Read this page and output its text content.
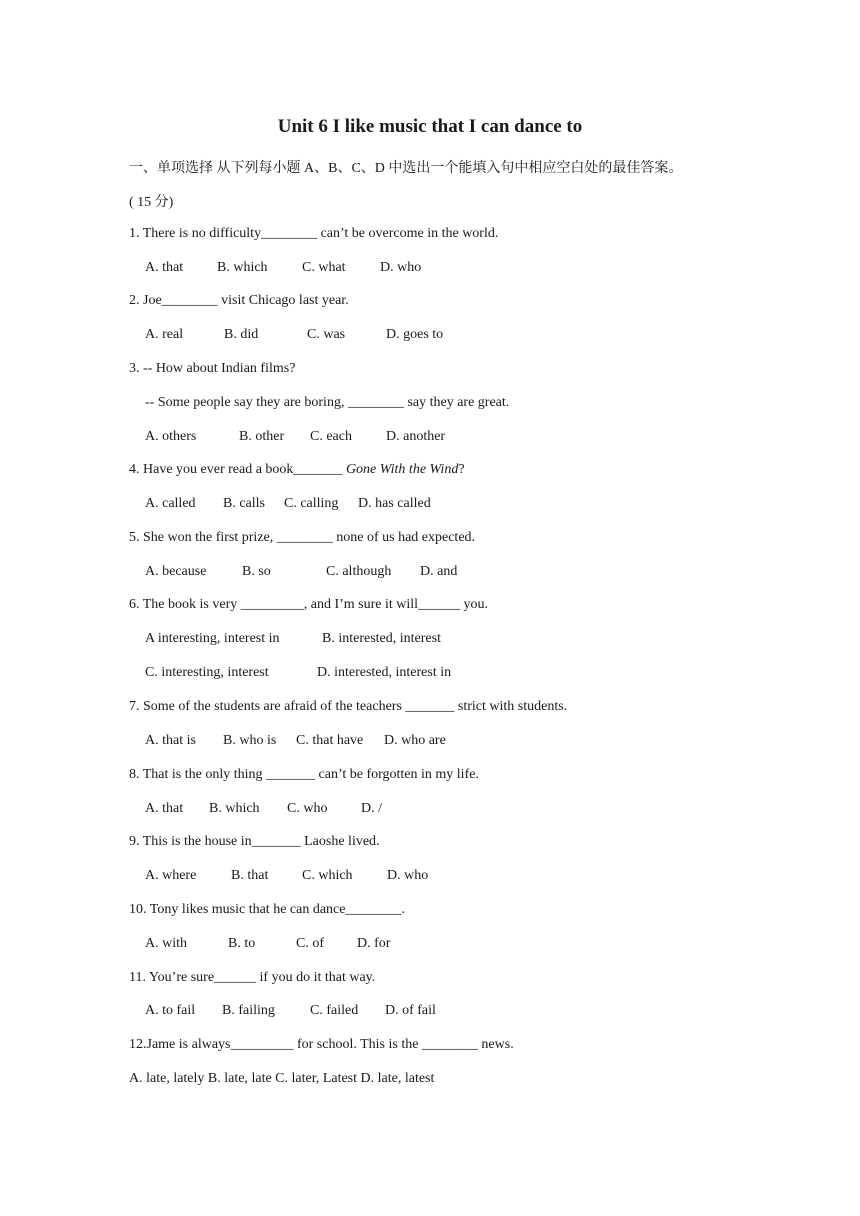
Unit 6 I like music that I can dance to
一、单项选择 从下列每小题 A、B、C、D 中选出一个能填入句中相应空白处的最佳答案。
( 15 分)
1. There is no difficulty________ can’t be overcome in the world.
A. that B. which C. what D. who
2. Joe________ visit Chicago last year.
A. real	B. did	C. was	D. goes to
3. -- How about Indian films?
-- Some people say they are boring, ________ say they are great.
A. others	B. other C. each D. another
4. Have you ever read a book_______ Gone With the Wind?
A. called B. calls C. calling D. has called
5. She won the first prize, ________ none of us had expected.
A. because	B. so	C. although D. and
6. The book is very _________, and I’m sure it will______ you.
A interesting, interest in	B. interested, interest
C. interesting, interest	D. interested, interest in
7. Some of the students are afraid of the teachers _______ strict with students.
A. that is B. who is C. that have D. who are
8. That is the only thing _______ can’t be forgotten in my life.
A. that B. which C. who D. /
9. This is the house in_______ Laoshe lived.
A. where B. that C. which D. who
10. Tony likes music that he can dance________.
A. with	B. to	C. of D. for
11. You’re sure______ if you do it that way.
A. to fail B. failing	C. failed D. of fail
12.Jame is always_________ for school. This is the ________ news.
A. late, lately B. late, late C. later, Latest D. late, latest
